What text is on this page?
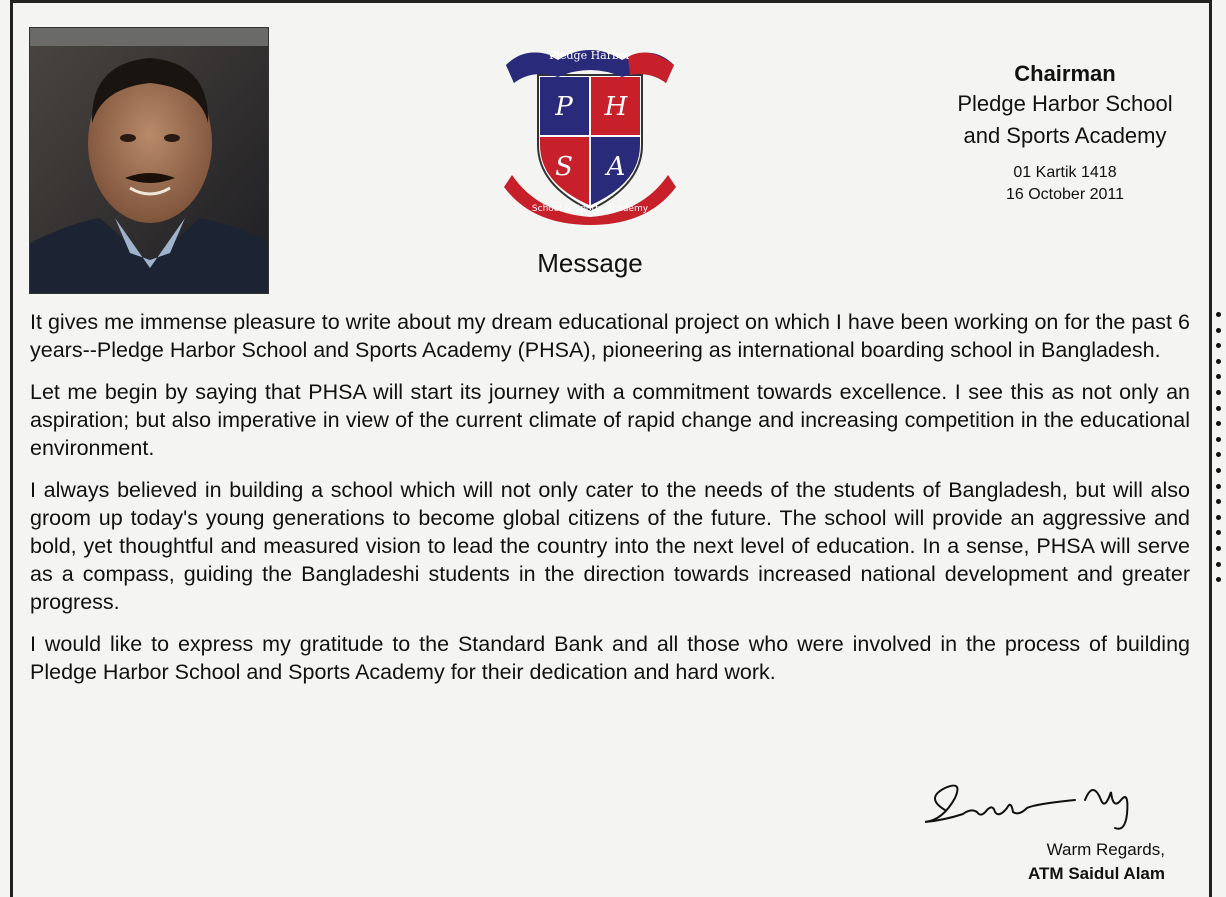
P H
S A
Pledge Harbor
School & Sports Academy
Message
Chairman
Pledge Harbor School
and Sports Academy
01 Kartik 1418
16 October 2011

It gives me immense pleasure to write about my dream educational project on which I have been working on for the past 6 years--Pledge Harbor School and Sports Academy (PHSA), pioneering as international boarding school in Bangladesh.

Let me begin by saying that PHSA will start its journey with a commitment towards excellence. I see this as not only an aspiration; but also imperative in view of the current climate of rapid change and increasing competition in the educational environment.

I always believed in building a school which will not only cater to the needs of the students of Bangladesh, but will also groom up today's young generations to become global citizens of the future. The school will provide an aggressive and bold, yet thoughtful and measured vision to lead the country into the next level of education. In a sense, PHSA will serve as a compass, guiding the Bangladeshi students in the direction towards increased national development and greater progress.

I would like to express my gratitude to the Standard Bank and all those who were involved in the process of building Pledge Harbor School and Sports Academy for their dedication and hard work.

Warm Regards,
ATM Saidul Alam
